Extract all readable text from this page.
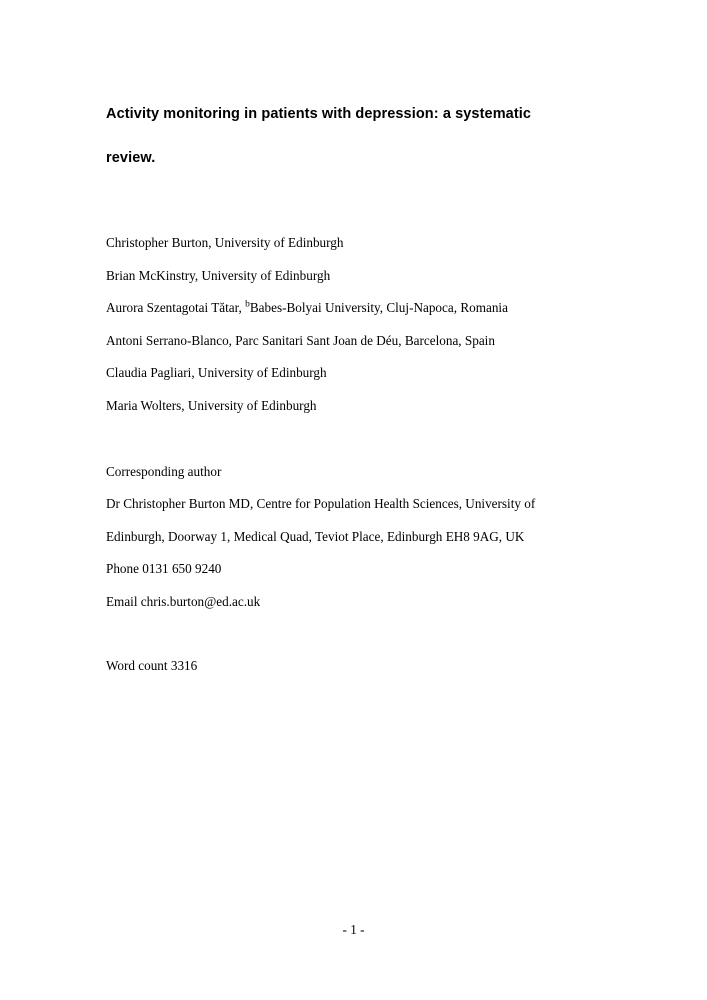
Activity monitoring in patients with depression: a systematic review.
Christopher Burton, University of Edinburgh
Brian McKinstry, University of Edinburgh
Aurora Szentagotai Tătar, $^b$Babes-Bolyai University, Cluj-Napoca, Romania
Antoni Serrano-Blanco, Parc Sanitari Sant Joan de Déu, Barcelona, Spain
Claudia Pagliari, University of Edinburgh
Maria Wolters, University of Edinburgh
Corresponding author
Dr Christopher Burton MD, Centre for Population Health Sciences, University of
Edinburgh, Doorway 1, Medical Quad, Teviot Place, Edinburgh EH8 9AG, UK
Phone 0131 650 9240
Email chris.burton@ed.ac.uk
Word count 3316
- 1 -
